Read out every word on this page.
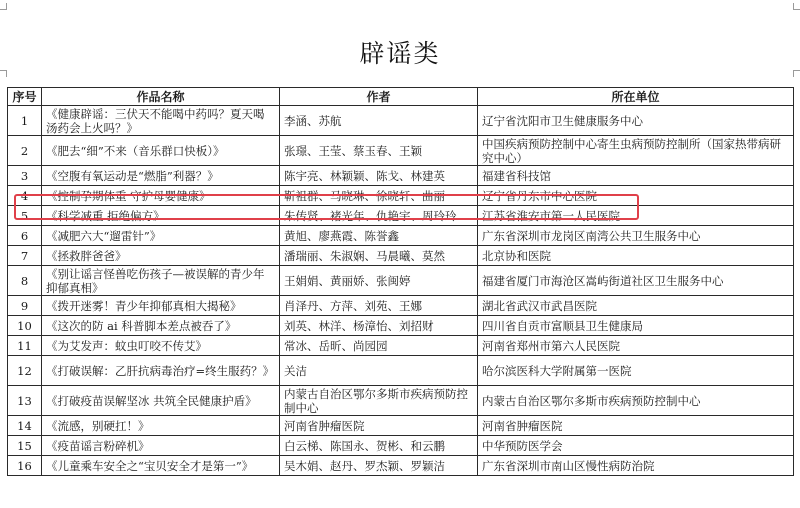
辟谣类
序号	作品名称	作者	所在单位
1	《健康辟谣：三伏天不能喝中药吗？夏天喝汤药会上火吗？》	李涵、苏航	辽宁省沈阳市卫生健康服务中心
2	《肥去“细”不来（音乐群口快板）》	张璟、王莹、蔡玉春、王颖	中国疾病预防控制中心寄生虫病预防控制所（国家热带病研究中心）
3	《空腹有氧运动是“燃脂”利器？》	陈宇亮、林颖颖、陈戈、林建英	福建省科技馆
4	《控制孕期体重 守护母婴健康》	靳祖群、马晓琳、徐晓轩、曲丽	辽宁省丹东市中心医院
5	《科学减重 拒绝偏方》	朱传贤、褚光年、仇艳宇、周玲玲	江苏省淮安市第一人民医院
6	《减肥六大“遛雷针”》	黄旭、廖燕霞、陈誉鑫	广东省深圳市龙岗区南湾公共卫生服务中心
7	《拯救胖爸爸》	潘瑞丽、朱淑娴、马晨曦、莫然	北京协和医院
8	《别让谣言怪兽吃伤孩子—被误解的青少年抑郁真相》	王娟娟、黄丽娇、张闽婷	福建省厦门市海沧区嵩屿街道社区卫生服务中心
9	《拨开迷雾！青少年抑郁真相大揭秘》	肖泽丹、方萍、刘苑、王娜	湖北省武汉市武昌医院
10	《这次的防 ai 科普脚本差点被吞了》	刘英、林洋、杨漳怡、刘招财	四川省自贡市富顺县卫生健康局
11	《为艾发声：蚊虫叮咬不传艾》	常冰、岳昕、尚园园	河南省郑州市第六人民医院
12	《打破误解：乙肝抗病毒治疗=终生服药？》	关洁	哈尔滨医科大学附属第一医院
13	《打破疫苗误解坚冰 共筑全民健康护盾》	内蒙古自治区鄂尔多斯市疾病预防控制中心	内蒙古自治区鄂尔多斯市疾病预防控制中心
14	《流感，别硬扛！》	河南省肿瘤医院	河南省肿瘤医院
15	《疫苗谣言粉碎机》	白云梯、陈国永、贺彬、和云鹏	中华预防医学会
16	《儿童乘车安全之“宝贝安全才是第一”》	吴木娟、赵丹、罗杰颖、罗颖洁	广东省深圳市南山区慢性病防治院
